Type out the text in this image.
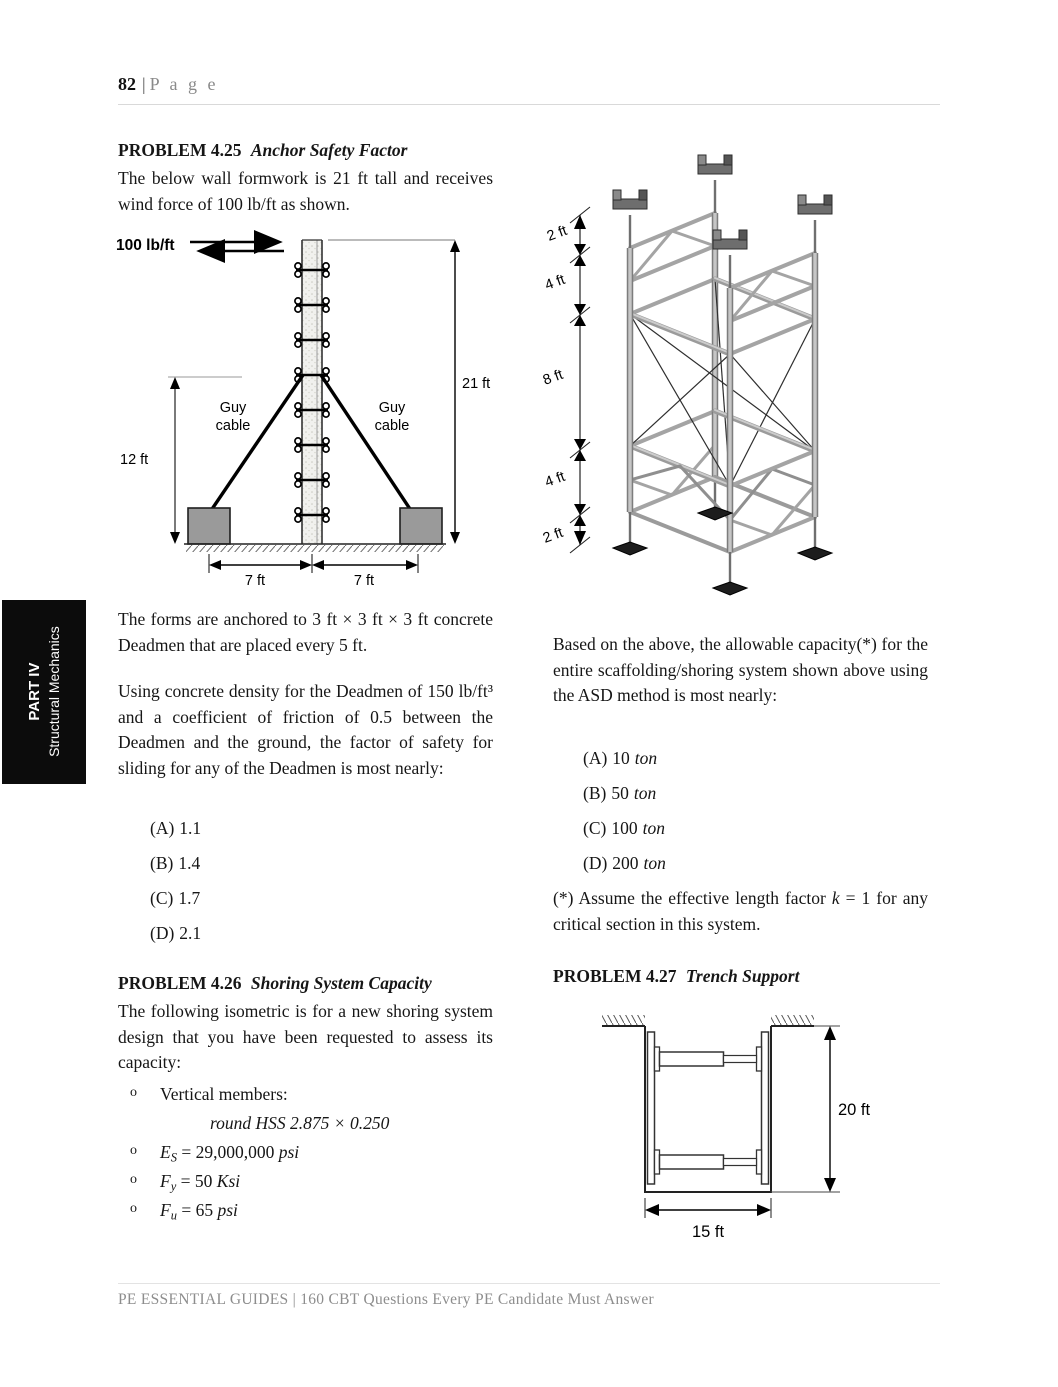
82 | P a g e
PART IV Structural Mechanics
PROBLEM 4.25 Anchor Safety Factor
The below wall formwork is 21 ft tall and receives wind force of 100 lb/ft as shown.
100 lb/ft
Guy
cable
Guy
cable
21 ft
12 ft
7 ft	7 ft
2 ft
4 ft
8 ft
4 ft
2 ft
The forms are anchored to 3 ft × 3 ft × 3 ft concrete Deadmen that are placed every 5 ft.
Using concrete density for the Deadmen of 150 lb/ft³ and a coefficient of friction of 0.5 between the Deadmen and the ground, the factor of safety for sliding for any of the Deadmen is most nearly:
(A) 1.1
(B) 1.4
(C) 1.7
(D) 2.1
PROBLEM 4.26 Shoring System Capacity
The following isometric is for a new shoring system design that you have been requested to assess its capacity:
o Vertical members:
round HSS 2.875 × 0.250
o $E_S = 29,000,000$ psi
o $F_y = 50$ Ksi
o $F_u = 65$ psi
Based on the above, the allowable capacity(*) for the entire scaffolding/shoring system shown above using the ASD method is most nearly:
(A) 10 ton
(B) 50 ton
(C) 100 ton
(D) 200 ton
(*) Assume the effective length factor k = 1 for any critical section in this system.
PROBLEM 4.27 Trench Support
20 ft
15 ft
PE ESSENTIAL GUIDES | 160 CBT Questions Every PE Candidate Must Answer
